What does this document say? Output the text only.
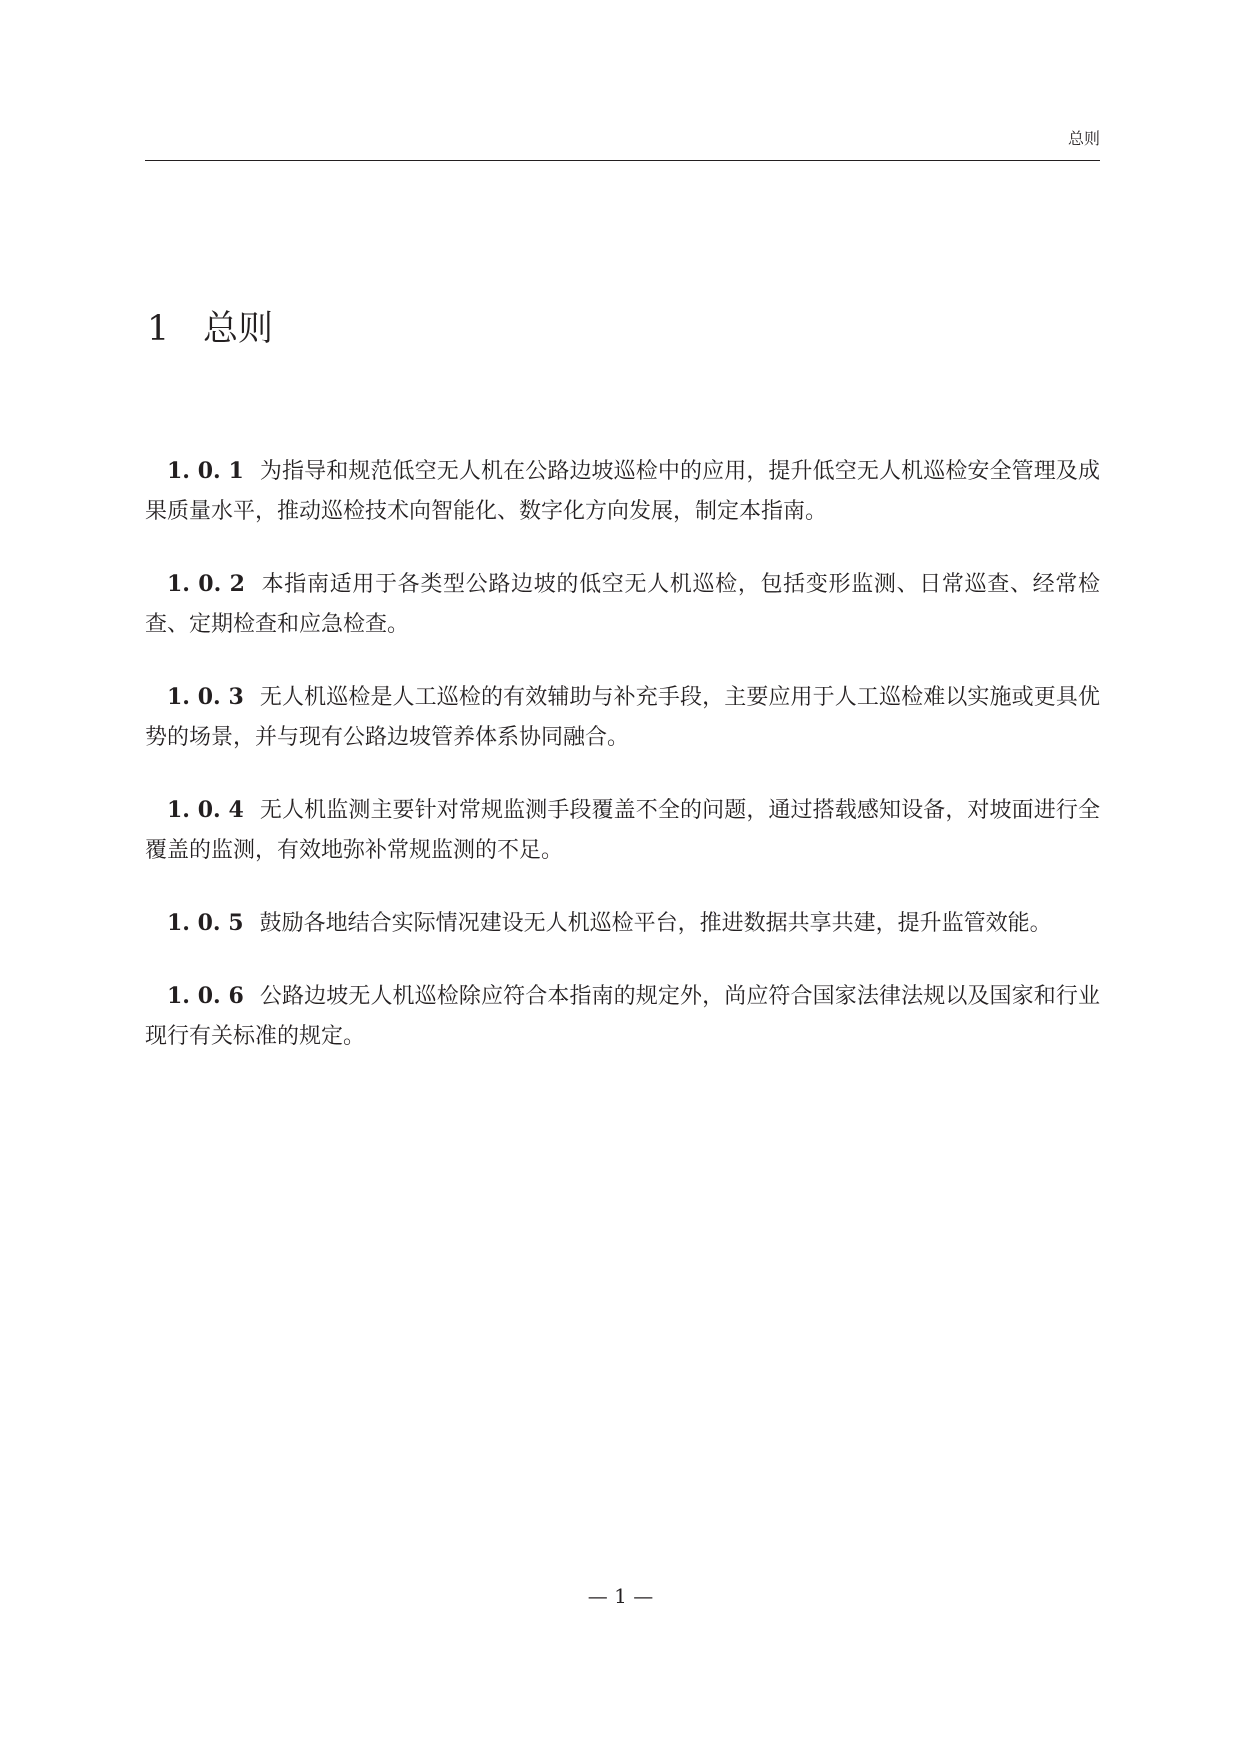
总则
1 总则

1. 0. 1 为指导和规范低空无人机在公路边坡巡检中的应用，提升低空无人机巡检安全管理及成果质量水平，推动巡检技术向智能化、数字化方向发展，制定本指南。

1. 0. 2 本指南适用于各类型公路边坡的低空无人机巡检，包括变形监测、日常巡查、经常检查、定期检查和应急检查。

1. 0. 3 无人机巡检是人工巡检的有效辅助与补充手段，主要应用于人工巡检难以实施或更具优势的场景，并与现有公路边坡管养体系协同融合。

1. 0. 4 无人机监测主要针对常规监测手段覆盖不全的问题，通过搭载感知设备，对坡面进行全覆盖的监测，有效地弥补常规监测的不足。

1. 0. 5 鼓励各地结合实际情况建设无人机巡检平台，推进数据共享共建，提升监管效能。

1. 0. 6 公路边坡无人机巡检除应符合本指南的规定外，尚应符合国家法律法规以及国家和行业现行有关标准的规定。

— 1 —
